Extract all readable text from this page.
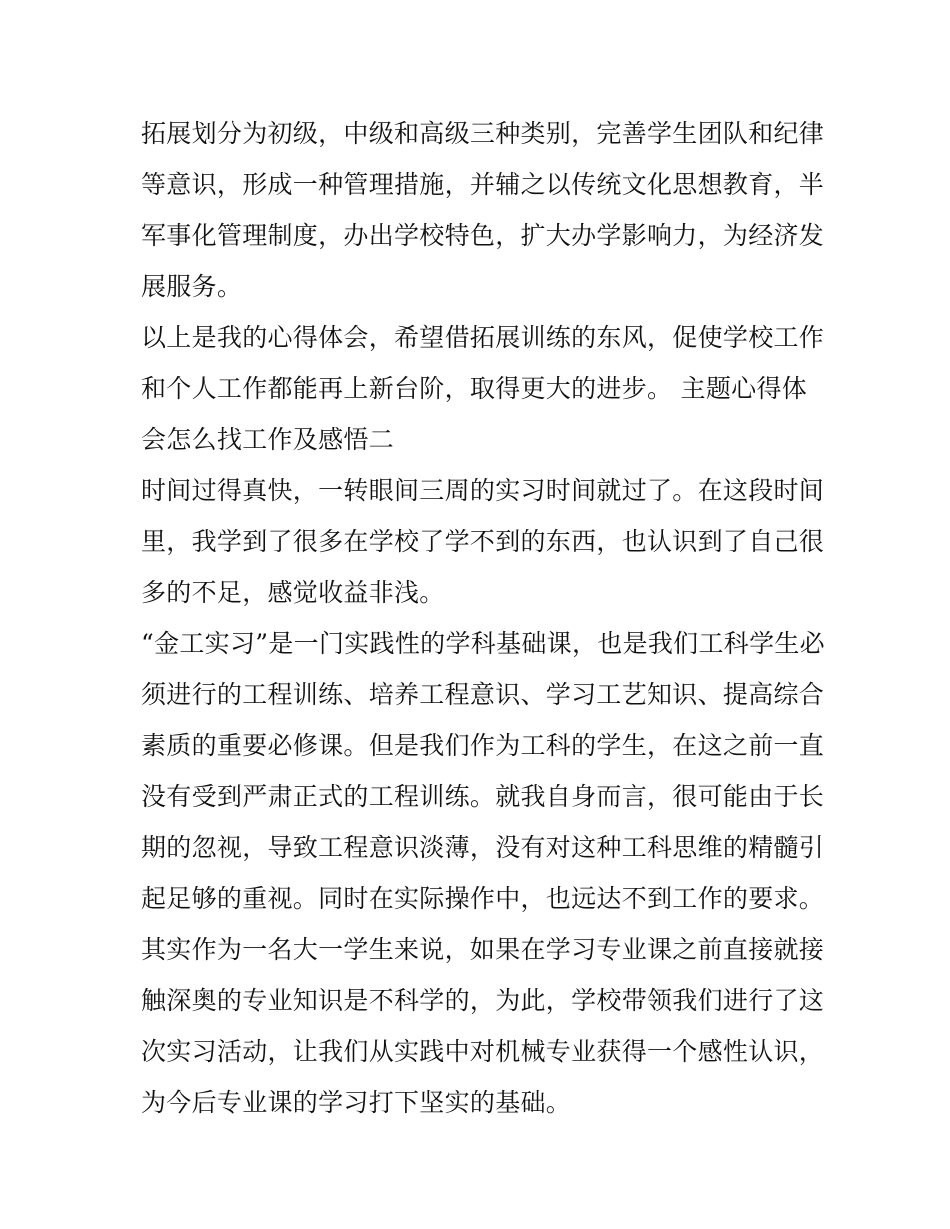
拓展划分为初级，中级和高级三种类别，完善学生团队和纪律
等意识，形成一种管理措施，并辅之以传统文化思想教育，半
军事化管理制度，办出学校特色，扩大办学影响力，为经济发
展服务。
以上是我的心得体会，希望借拓展训练的东风，促使学校工作
和个人工作都能再上新台阶，取得更大的进步。 主题心得体
会怎么找工作及感悟二
时间过得真快，一转眼间三周的实习时间就过了。在这段时间
里，我学到了很多在学校了学不到的东西，也认识到了自己很
多的不足，感觉收益非浅。
“金工实习”是一门实践性的学科基础课，也是我们工科学生必
须进行的工程训练、培养工程意识、学习工艺知识、提高综合
素质的重要必修课。但是我们作为工科的学生，在这之前一直
没有受到严肃正式的工程训练。就我自身而言，很可能由于长
期的忽视，导致工程意识淡薄，没有对这种工科思维的精髓引
起足够的重视。同时在实际操作中，也远达不到工作的要求。
其实作为一名大一学生来说，如果在学习专业课之前直接就接
触深奥的专业知识是不科学的，为此，学校带领我们进行了这
次实习活动，让我们从实践中对机械专业获得一个感性认识，
为今后专业课的学习打下坚实的基础。
